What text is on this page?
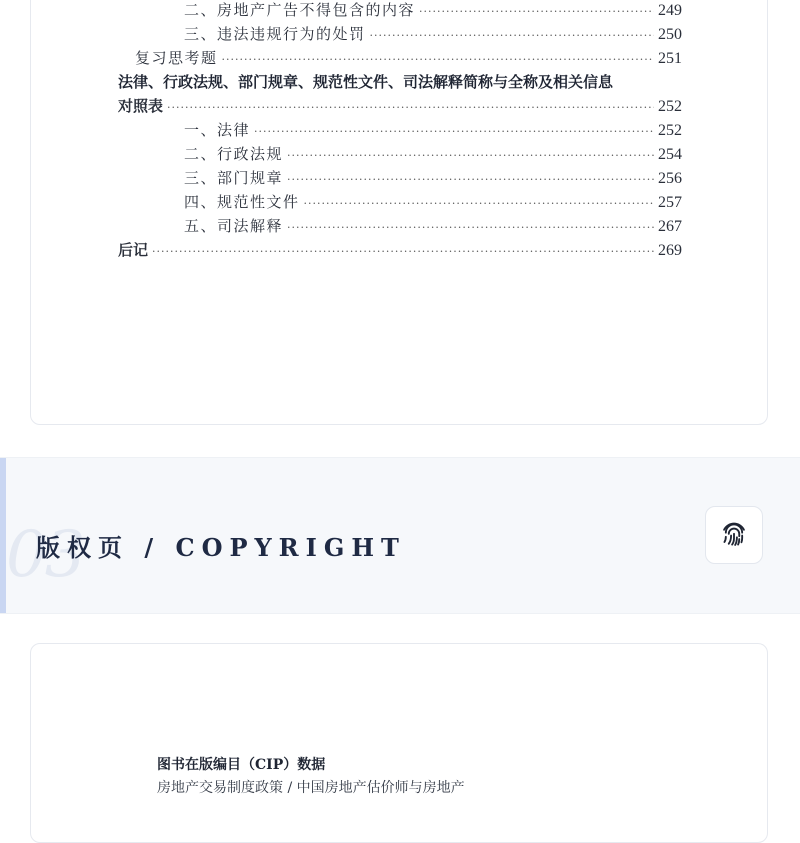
二、房地产广告不得包含的内容 ·····	249
三、违法违规行为的处罚 ·····	250
复习思考题 ·····	251
法律、行政法规、部门规章、规范性文件、司法解释简称与全称及相关信息
对照表 ·····	252
一、法律 ·····	252
二、行政法规 ·····	254
三、部门规章 ·····	256
四、规范性文件 ·····	257
五、司法解释 ·····	267
后记 ·····	269
03
版权页 / COPYRIGHT
图书在版编目（CIP）数据
房地产交易制度政策 / 中国房地产估价师与房地产
